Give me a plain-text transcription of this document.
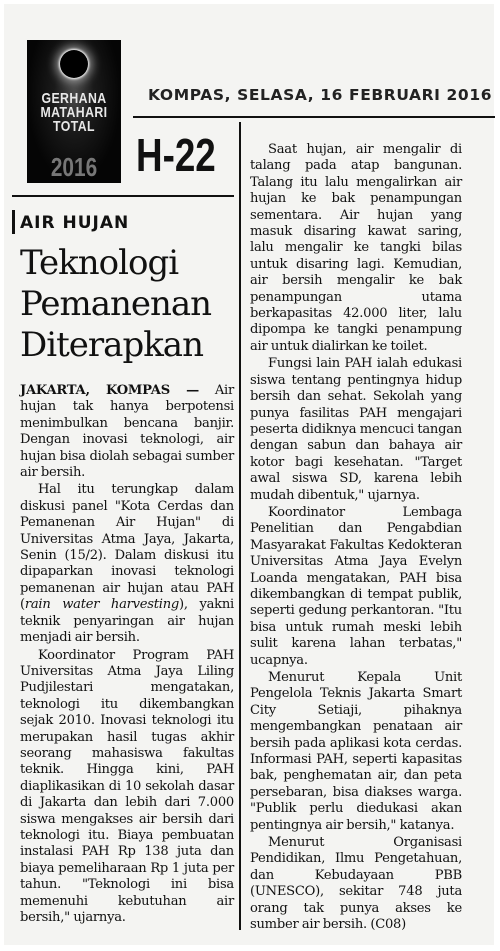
GERHANA
MATAHARI
TOTAL
2016
KOMPAS, SELASA, 16 FEBRUARI 2016
H-22
AIR HUJAN
Teknologi Pemanenan Diterapkan

JAKARTA, KOMPAS — Air hujan tak hanya berpotensi menimbulkan bencana banjir. Dengan inovasi teknologi, air hujan bisa diolah sebagai sumber air bersih.

Hal itu terungkap dalam diskusi panel "Kota Cerdas dan Pemanenan Air Hujan" di Universitas Atma Jaya, Jakarta, Senin (15/2). Dalam diskusi itu dipaparkan inovasi teknologi pemanenan air hujan atau PAH (rain water harvesting), yakni teknik penyaringan air hujan menjadi air bersih.

Koordinator Program PAH Universitas Atma Jaya Liling Pudjilestari mengatakan, teknologi itu dikembangkan sejak 2010. Inovasi teknologi itu merupakan hasil tugas akhir seorang mahasiswa fakultas teknik. Hingga kini, PAH diaplikasikan di 10 sekolah dasar di Jakarta dan lebih dari 7.000 siswa mengakses air bersih dari teknologi itu. Biaya pembuatan instalasi PAH Rp 138 juta dan biaya pemeliharaan Rp 1 juta per tahun. "Teknologi ini bisa memenuhi kebutuhan air bersih," ujarnya.

Saat hujan, air mengalir di talang pada atap bangunan. Talang itu lalu mengalirkan air hujan ke bak penampungan sementara. Air hujan yang masuk disaring kawat saring, lalu mengalir ke tangki bilas untuk disaring lagi. Kemudian, air bersih mengalir ke bak penampungan utama berkapasitas 42.000 liter, lalu dipompa ke tangki penampung air untuk dialirkan ke toilet.

Fungsi lain PAH ialah edukasi siswa tentang pentingnya hidup bersih dan sehat. Sekolah yang punya fasilitas PAH mengajari peserta didiknya mencuci tangan dengan sabun dan bahaya air kotor bagi kesehatan. "Target awal siswa SD, karena lebih mudah dibentuk," ujarnya.

Koordinator Lembaga Penelitian dan Pengabdian Masyarakat Fakultas Kedokteran Universitas Atma Jaya Evelyn Loanda mengatakan, PAH bisa dikembangkan di tempat publik, seperti gedung perkantoran. "Itu bisa untuk rumah meski lebih sulit karena lahan terbatas," ucapnya.

Menurut Kepala Unit Pengelola Teknis Jakarta Smart City Setiaji, pihaknya mengembangkan penataan air bersih pada aplikasi kota cerdas. Informasi PAH, seperti kapasitas bak, penghematan air, dan peta persebaran, bisa diakses warga. "Publik perlu diedukasi akan pentingnya air bersih," katanya.

Menurut Organisasi Pendidikan, Ilmu Pengetahuan, dan Kebudayaan PBB (UNESCO), sekitar 748 juta orang tak punya akses ke sumber air bersih. (C08)
